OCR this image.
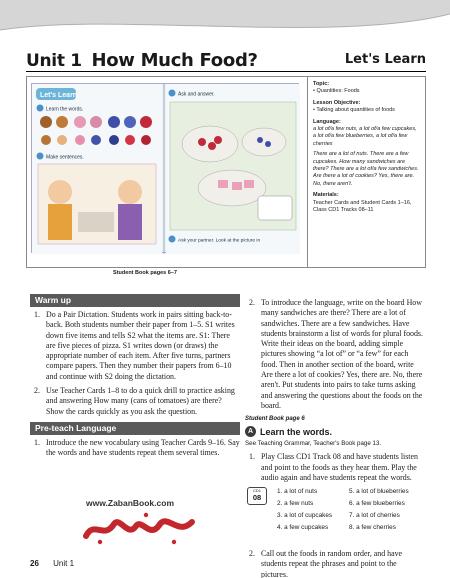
Unit 1 How Much Food?	Let's Learn
Let's Learn
Learn the words.
Make sentences.
Ask and answer.
Ask your partner. Look at the picture in
Topic:
• Quantities: Foods
Lesson Objective:
• Talking about quantities of foods
Language:
a lot of/a few nuts, a lot of/a few cupcakes, a lot of/a few blueberries, a lot of/a few cherries
There are a lot of nuts. There are a few cupcakes. How many sandwiches are there? There are a lot of/a few sandwiches. Are there a lot of cookies? Yes, there are. No, there aren't.
Materials:
Teacher Cards and Student Cards 1–16, Class CD1 Tracks 08–11
Student Book pages 6–7
Warm up
1. Do a Pair Dictation. Students work in pairs sitting back-to-back. Both students number their paper from 1–5. S1 writes down five items and tells S2 what the items are. S1: There are five pieces of pizza. S1 writes down (or draws) the appropriate number of each item. After five turns, partners compare papers. Then they number their papers from 6–10 and continue with S2 doing the dictation.
2. Use Teacher Cards 1–8 to do a quick drill to practice asking and answering How many (cans of tomatoes) are there? Show the cards quickly as you ask the question.
Pre-teach Language
1. Introduce the new vocabulary using Teacher Cards 9–16. Say the words and have students repeat them several times.
2. To introduce the language, write on the board How many sandwiches are there? There are a lot of sandwiches. There are a few sandwiches. Have students brainstorm a list of words for plural foods. Write their ideas on the board, adding simple pictures showing “a lot of” or “a few” for each food. Then in another section of the board, write Are there a lot of cookies? Yes, there are. No, there aren't. Put students into pairs to take turns asking and answering the questions about the foods on the board.
Student Book page 6
A Learn the words.
See Teaching Grammar, Teacher's Book page 13.
1. Play Class CD1 Track 08 and have students listen and point to the foods as they hear them. Play the audio again and have students repeat the words.
CD1
08
1. a lot of nuts
2. a few nuts
3. a lot of cupcakes
4. a few cupcakes
5. a lot of blueberries
6. a few blueberries
7. a lot of cherries
8. a few cherries
2. Call out the foods in random order, and have students repeat the phrases and point to the pictures.
www.ZabanBook.com
26 Unit 1
